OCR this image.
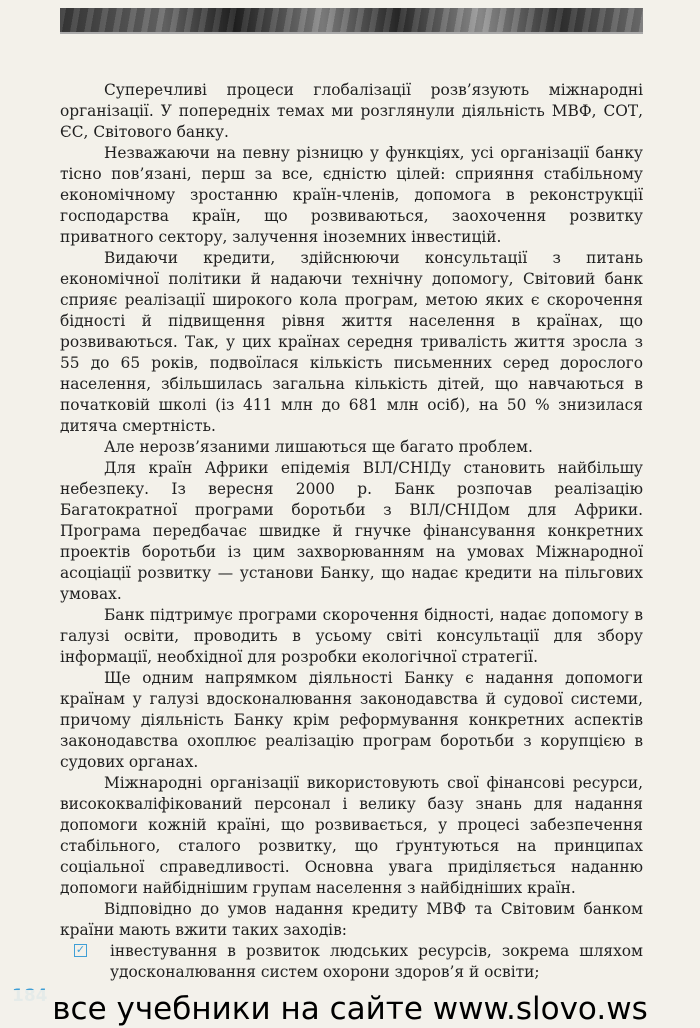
Суперечливі процеси глобалізації розв’язують міжнародні організації. У попередніх темах ми розглянули діяльність МВФ, СОТ, ЄС, Світового банку.

Незважаючи на певну різницю у функціях, усі організації банку тісно пов’язані, перш за все, єдністю цілей: сприяння стабільному економічному зростанню країн-членів, допомога в реконструкції господарства країн, що розвиваються, заохочення розвитку приватного сектору, залучення іноземних інвестицій.

Видаючи кредити, здійснюючи консультації з питань економічної політики й надаючи технічну допомогу, Світовий банк сприяє реалізації широкого кола програм, метою яких є скорочення бідності й підвищення рівня життя населення в країнах, що розвиваються. Так, у цих країнах середня тривалість життя зросла з 55 до 65 років, подвоїлася кількість письменних серед дорослого населення, збільшилась загальна кількість дітей, що навчаються в початковій школі (із 411 млн до 681 млн осіб), на 50 % знизилася дитяча смертність.

Але нерозв’язаними лишаються ще багато проблем.

Для країн Африки епідемія ВІЛ/СНІДу становить найбільшу небезпеку. Із вересня 2000 р. Банк розпочав реалізацію Багатократної програми боротьби з ВІЛ/СНІДом для Африки. Програма передбачає швидке й гнучке фінансування конкретних проектів боротьби із цим захворюванням на умовах Міжнародної асоціації розвитку — установи Банку, що надає кредити на пільгових умовах.

Банк підтримує програми скорочення бідності, надає допомогу в галузі освіти, проводить в усьому світі консультації для збору інформації, необхідної для розробки екологічної стратегії.

Ще одним напрямком діяльності Банку є надання допомоги країнам у галузі вдосконалювання законодавства й судової системи, причому діяльність Банку крім реформування конкретних аспектів законодавства охоплює реалізацію програм боротьби з корупцією в судових органах.

Міжнародні організації використовують свої фінансові ресурси, висококваліфікований персонал і велику базу знань для надання допомоги кожній країні, що розвивається, у процесі забезпечення стабільного, сталого розвитку, що ґрунтуються на принципах соціальної справедливості. Основна увага приділяється наданню допомоги найбіднішим групам населення з найбідніших країн.

Відповідно до умов надання кредиту МВФ та Світовим банком країни мають вжити таких заходів:

✓ інвестування в розвиток людських ресурсів, зокрема шляхом удосконалювання систем охорони здоров’я й освіти;

все учебники на сайте www.slovo.ws
